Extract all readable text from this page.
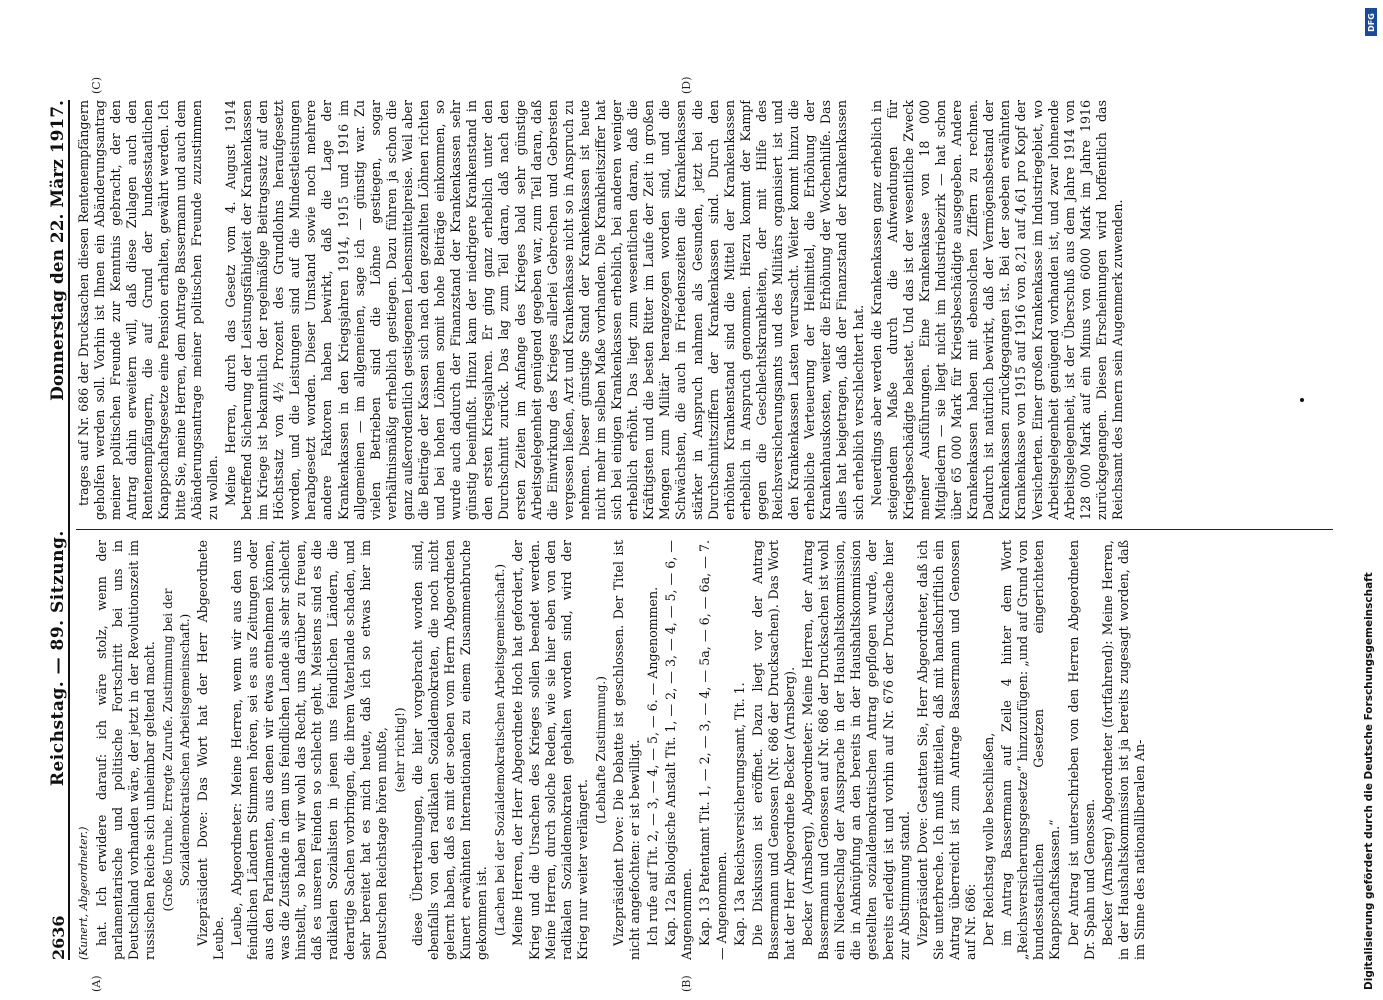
2636
Reichstag. — 89. Sitzung.
Donnerstag den 22. März 1917.

(Kunert, Abgeordneter.) hat. Ich erwidere darauf: ich wäre stolz, wenn der parlamentarische und politische Fortschritt bei uns in Deutschland vorhanden wäre, der jetzt in der Revolutionszeit im russischen Reiche sich unheimbar geltend macht. (Große Unruhe. Erregte Zurufe. Zustimmung bei der Sozialdemokratischen Arbeitsgemeinschaft.) Vizepräsident Dove: Das Wort hat der Herr Abgeordnete Leube. Leube, Abgeordneter: Meine Herren, wenn wir aus den uns feindlichen Ländern Stimmen hören, sei es aus Zeitungen oder aus den Parlamenten, aus denen wir etwas entnehmen können, was die Zustände in dem uns feindlichen Lande als sehr schlecht hinstellt, so haben wir wohl das Recht, uns darüber zu freuen, daß es unseren Feinden so schlecht geht. Meistens sind es die radikalen Sozialisten in jenen uns feindlichen Ländern, die derartige Sachen vorbringen, die ihrem Vaterlande schaden, und sehr bereitet hat es mich heute, daß ich so etwas hier im Deutschen Reichstage hören mußte, (sehr richtig!) diese Übertreibungen, die hier vorgebracht worden sind, ebenfalls von den radikalen Sozialdemokraten, die noch nicht gelernt haben, daß es mit der soeben vom Herrn Abgeordneten Kunert erwähnten Internationalen zu einem Zusammenbruche gekommen ist. (Lachen bei der Sozialdemokratischen Arbeitsgemeinschaft.) Meine Herren, der Herr Abgeordnete Hoch hat gefordert, der Krieg und die Ursachen des Krieges sollen beendet werden. Meine Herren, durch solche Reden, wie sie hier eben von den radikalen Sozialdemokraten gehalten worden sind, wird der Krieg nur weiter verlängert.

(Lebhafte Zustimmung.) Vizepräsident Dove: Die Debatte ist geschlossen. Der Titel ist nicht angefochten: er ist bewilligt. Ich rufe auf Tit. 2, — 3, — 4, — 5, — 6. — Angenommen. Kap. 12a Biologische Anstalt Tit. 1, — 2, — 3, — 4, — 5, — 6, — Angenommen. Kap. 13 Patentamt Tit. 1, — 2, — 3, — 4, — 5a, — 6, — 6a, — 7. — Angenommen. Kap. 13a Reichsversicherungsamt, Tit. 1. Die Diskussion ist eröffnet. Dazu liegt vor der Antrag Bassermann und Genossen (Nr. 686 der Drucksachen). Das Wort hat der Herr Abgeordnete Becker (Arnsberg). Becker (Arnsberg), Abgeordneter: Meine Herren, der Antrag Bassermann und Genossen auf Nr. 686 der Drucksachen ist wohl ein Niederschlag der Aussprache in der Haushaltskommission, die in Anknüpfung an den bereits in der Haushaltskommission gestellten sozialdemokratischen Antrag gepflogen wurde, der bereits erledigt ist und vorhin auf Nr. 676 der Drucksache hier zur Abstimmung stand. Vizepräsident Dove: Gestatten Sie, Herr Abgeordneter, daß ich Sie unterbreche. Ich muß mitteilen, daß mit handschriftlich ein Antrag überreicht ist zum Antrage Bassermann und Genossen auf Nr. 686: Der Reichstag wolle beschließen, im Antrag Bassermann auf Zeile 4 hinter dem Wort „Reichsversicherungsgesetze“ hinzuzufügen: „und auf Grund von bundesstaatlichen Gesetzen eingerichteten Knappschaftskassen.“ Der Antrag ist unterschrieben von den Herren Abgeordneten Dr. Spahn und Genossen. Becker (Arnsberg) Abgeordneter (fortfahrend): Meine Herren, in der Haushaltskommission ist ja bereits zugesagt worden, daß im Sinne des nationalliberalen An-

trages auf Nr. 686 der Drucksachen diesen Rentenempfängern geholfen werden soll. Vorhin ist Ihnen ein Abänderungsantrag meiner politischen Freunde zur Kenntnis gebracht, der den Antrag dahin erweitern will, daß diese Zulagen auch den Rentenempfängern, die auf Grund der bundesstaatlichen Knappschaftsgesetze eine Pension erhalten, gewährt werden. Ich bitte Sie, meine Herren, dem Antrage Bassermann und auch dem Abänderungsantrage meiner politischen Freunde zuzustimmen zu wollen. Meine Herren, durch das Gesetz vom 4. August 1914 betreffend Sicherung der Leistungsfähigkeit der Krankenkassen im Kriege ist bekanntlich der regelmäßige Beitragssatz auf den Höchstsatz von 4½ Prozent des Grundlohns heraufgesetzt worden, und die Leistungen sind auf die Mindestleistungen herabgesetzt worden. Dieser Umstand sowie noch mehrere andere Faktoren haben bewirkt, daß die Lage der Krankenkassen in den Kriegsjahren 1914, 1915 und 1916 im allgemeinen — im allgemeinen, sage ich — günstig war. Zu vielen Betrieben sind die Löhne gestiegen, sogar verhältnismäßig erheblich gestiegen. Dazu führen ja schon die ganz außerordentlich gestiegenen Lebensmittelpreise. Weil aber die Beiträge der Kassen sich nach den gezahlten Löhnen richten und bei hohen Löhnen somit hohe Beiträge einkommen, so wurde auch dadurch der Finanzstand der Krankenkassen sehr günstig beeinflußt. Hinzu kam der niedrigere Krankenstand in den ersten Kriegsjahren. Er ging ganz erheblich unter den Durchschnitt zurück. Das lag zum Teil daran, daß nach den ersten Zeiten im Anfange des Krieges bald sehr günstige Arbeitsgelegenheit genügend gegeben war, zum Teil daran, daß die Einwirkung des Krieges allerlei Gebrechen und Gebresten vergessen ließen, Arzt und Krankenkasse nicht so in Anspruch zu nehmen. Dieser günstige Stand der Krankenkassen ist heute nicht mehr im selben Maße vorhanden. Die Krankheitsziffer hat sich bei einigen Krankenkassen erheblich, bei anderen weniger erheblich erhöht. Das liegt zum wesentlichen daran, daß die Kräftigsten und die besten Ritter im Laufe der Zeit in großen Mengen zum Militär herangezogen worden sind, und die Schwächsten, die auch in Friedenszeiten die Krankenkassen stärker in Anspruch nahmen als Gesunden, jetzt bei die Durchschnittsziffern der Krankenkassen sind. Durch den erhöhten Krankenstand sind die Mittel der Krankenkassen erheblich in Anspruch genommen. Hierzu kommt der Kampf gegen die Geschlechtskrankheiten, der mit Hilfe des Reichsversicherungsamts und des Militärs organisiert ist und den Krankenkassen Lasten verursacht. Weiter kommt hinzu die erhebliche Verteuerung der Heilmittel, die Erhöhung der Krankenhauskosten, weiter die Erhöhung der Wochenhilfe. Das alles hat beigetragen, daß der Finanzstand der Krankenkassen sich erheblich verschlechtert hat. Neuerdings aber werden die Krankenkassen ganz erheblich in steigendem Maße durch die Aufwendungen für Kriegsbeschädigte belastet. Und das ist der wesentliche Zweck meiner Ausführungen. Eine Krankenkasse von 18 000 Mitgliedern — sie liegt nicht im Industriebezirk — hat schon über 65 000 Mark für Kriegsbeschädigte ausgegeben. Andere Krankenkassen haben mit ebensolchen Ziffern zu rechnen. Dadurch ist natürlich bewirkt, daß der Vermögensbestand der Krankenkassen zurückgegangen ist. Bei der soeben erwähnten Krankenkasse von 1915 auf 1916 von 8,21 auf 4,61 pro Kopf der Versicherten. Einer großen Krankenkasse im Industriegebiet, wo Arbeitsgelegenheit genügend vorhanden ist, und zwar lohnende Arbeitsgelegenheit, ist der Überschuß aus dem Jahre 1914 von 128 000 Mark auf ein Minus von 6000 Mark im Jahre 1916 zurückgegangen. Diesen Erscheinungen wird hoffentlich das Reichsamt des Innern sein Augenmerk zuwenden.

(A)	(B)
(C)	(D)
Digitalisierung gefördert durch die Deutsche Forschungsgemeinschaft
DFG
